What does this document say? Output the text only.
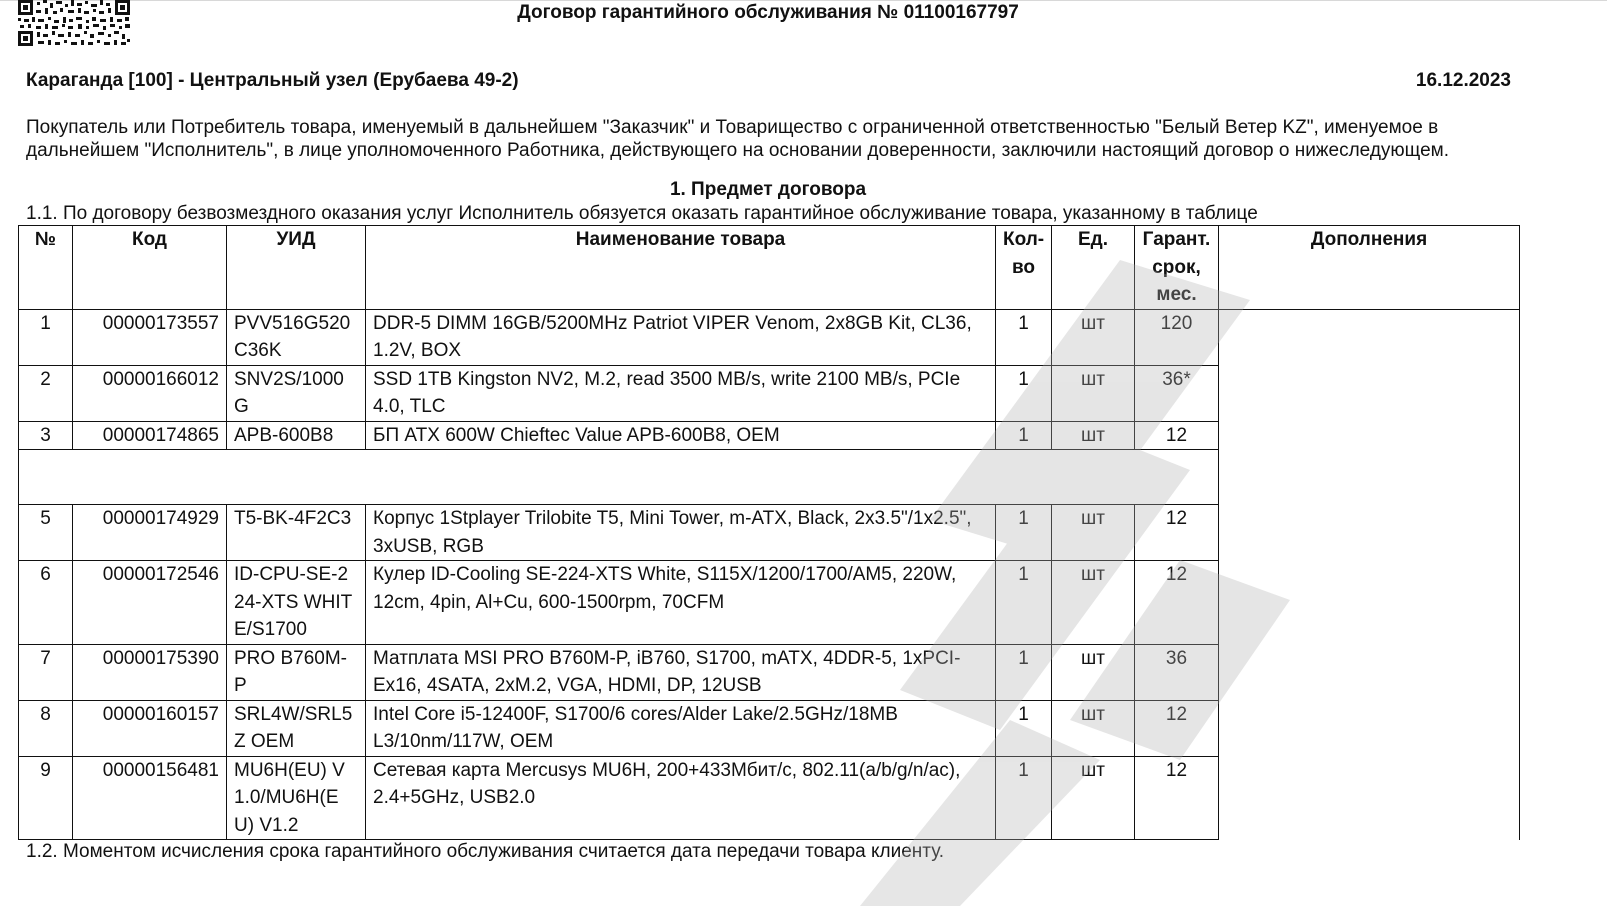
Договор гарантийного обслуживания № 01100167797
Караганда [100] - Центральный узел (Ерубаева 49-2)	16.12.2023
Покупатель или Потребитель товара, именуемый в дальнейшем "Заказчик" и Товарищество с ограниченной ответственностью "Белый Ветер KZ", именуемое в дальнейшем "Исполнитель", в лице уполномоченного Работника, действующего на основании доверенности, заключили настоящий договор о нижеследующем.
1. Предмет договора
1.1. По договору безвозмездного оказания услуг Исполнитель обязуется оказать гарантийное обслуживание товара, указанному в таблице
№	Код	УИД	Наименование товара	Кол-во	Ед.	Гарант. срок, мес.	Дополнения
1	00000173557	PVV516G520C36K	DDR-5 DIMM 16GB/5200MHz Patriot VIPER Venom, 2x8GB Kit, CL36, 1.2V, BOX	1	шт	120	
2	00000166012	SNV2S/1000G	SSD 1TB Kingston NV2, M.2, read 3500 MB/s, write 2100 MB/s, PCIe 4.0, TLC	1	шт	36*	
3	00000174865	APB-600B8	БП ATX 600W Chieftec Value APB-600B8, OEM	1	шт	12	

5	00000174929	T5-BK-4F2C3	Корпус 1Stplayer Trilobite T5, Mini Tower, m-ATX, Black, 2x3.5"/1x2.5", 3xUSB, RGB	1	шт	12	
6	00000172546	ID-CPU-SE-224-XTS WHITE/S1700	Кулер ID-Cooling SE-224-XTS White, S115X/1200/1700/AM5, 220W, 12cm, 4pin, Al+Cu, 600-1500rpm, 70CFM	1	шт	12	
7	00000175390	PRO B760M-P	Матплата MSI PRO B760M-P, iB760, S1700, mATX, 4DDR-5, 1xPCI-Ex16, 4SATA, 2xM.2, VGA, HDMI, DP, 12USB	1	шт	36	
8	00000160157	SRL4W/SRL5Z OEM	Intel Core i5-12400F, S1700/6 cores/Alder Lake/2.5GHz/18MB L3/10nm/117W, OEM	1	шт	12	
9	00000156481	MU6H(EU) V1.0/MU6H(EU) V1.2	Сетевая карта Mercusys MU6H, 200+433Мбит/с, 802.11(a/b/g/n/ac), 2.4+5GHz, USB2.0	1	шт	12	
1.2. Моментом исчисления срока гарантийного обслуживания считается дата передачи товара клиенту.
